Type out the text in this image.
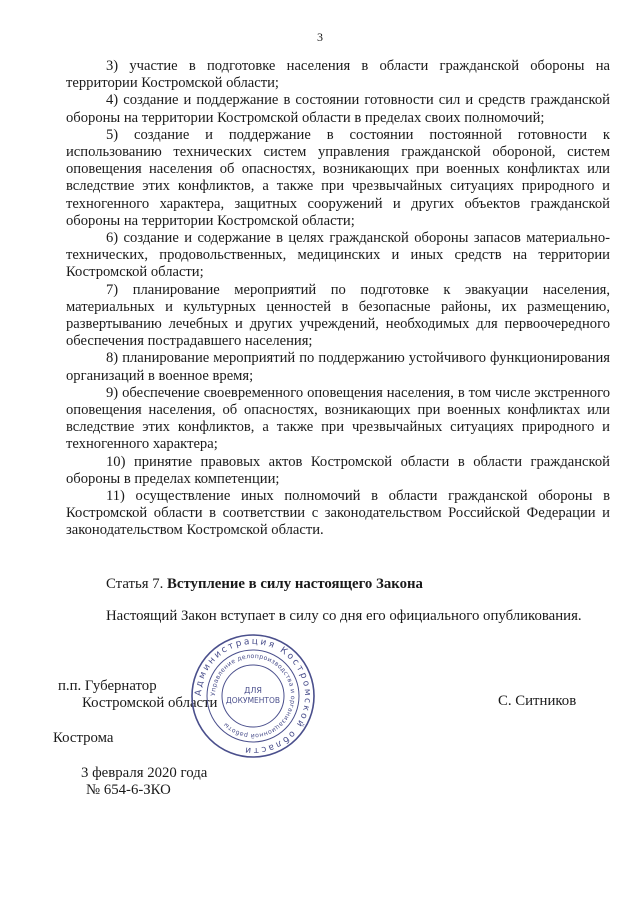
3

3) участие в подготовке населения в области гражданской обороны на территории Костромской области;

4) создание и поддержание в состоянии готовности сил и средств гражданской обороны на территории Костромской области в пределах своих полномочий;

5) создание и поддержание в состоянии постоянной готовности к использованию технических систем управления гражданской обороной, систем оповещения населения об опасностях, возникающих при военных конфликтах или вследствие этих конфликтов, а также при чрезвычайных ситуациях природного и техногенного характера, защитных сооружений и других объектов гражданской обороны на территории Костромской области;

6) создание и содержание в целях гражданской обороны запасов материально-технических, продовольственных, медицинских и иных средств на территории Костромской области;

7) планирование мероприятий по подготовке к эвакуации населения, материальных и культурных ценностей в безопасные районы, их размещению, развертыванию лечебных и других учреждений, необходимых для первоочередного обеспечения пострадавшего населения;

8) планирование мероприятий по поддержанию устойчивого функционирования организаций в военное время;

9) обеспечение своевременного оповещения населения, в том числе экстренного оповещения населения, об опасностях, возникающих при военных конфликтах или вследствие этих конфликтов, а также при чрезвычайных ситуациях природного и техногенного характера;

10) принятие правовых актов Костромской области в области гражданской обороны в пределах компетенции;

11) осуществление иных полномочий в области гражданской обороны в Костромской области в соответствии с законодательством Российской Федерации и законодательством Костромской области.

Статья 7. Вступление в силу настоящего Закона
Настоящий Закон вступает в силу со дня его официального опубликования.
п.п. Губернатор
Костромской области	С. Ситников
Кострома
3 февраля 2020 года
№ 654-6-ЗКО
Администрация Костромской области
Управление делопроизводства и организационной работы
ДЛЯ
ДОКУМЕНТОВ
